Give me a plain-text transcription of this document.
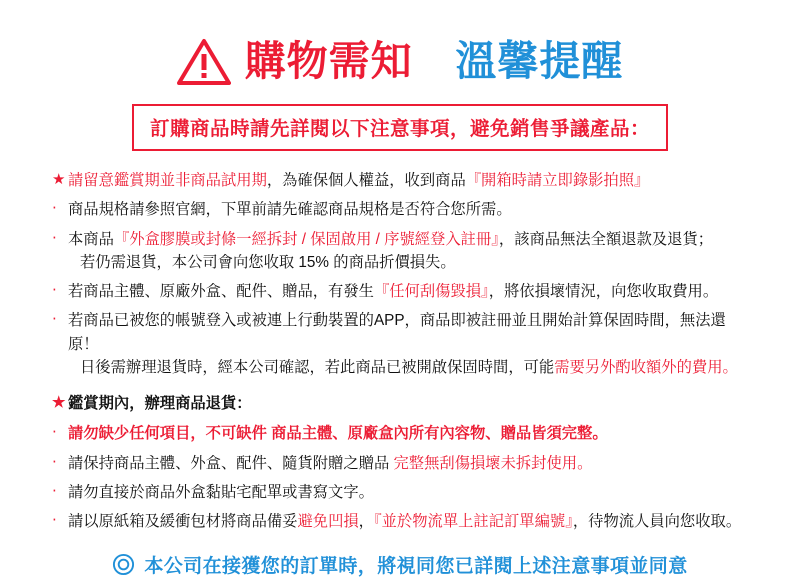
購物需知 溫馨提醒
訂購商品時請先詳閱以下注意事項，避免銷售爭議產品：
★ 請留意鑑賞期並非商品試用期，為確保個人權益，收到商品『開箱時請立即錄影拍照』
‧ 商品規格請參照官網，下單前請先確認商品規格是否符合您所需。
‧ 本商品『外盒膠膜或封條一經拆封 / 保固啟用 / 序號經登入註冊』，該商品無法全額退款及退貨；
若仍需退貨，本公司會向您收取 15% 的商品折價損失。
‧ 若商品主體、原廠外盒、配件、贈品，有發生『任何刮傷毀損』，將依損壞情況，向您收取費用。
‧ 若商品已被您的帳號登入或被連上行動裝置的APP，商品即被註冊並且開始計算保固時間，無法還原！
日後需辦理退貨時，經本公司確認，若此商品已被開啟保固時間，可能需要另外酌收額外的費用。
★ 鑑賞期內，辦理商品退貨：
‧ 請勿缺少任何項目，不可缺件 商品主體、原廠盒內所有內容物、贈品皆須完整。
‧ 請保持商品主體、外盒、配件、隨貨附贈之贈品 完整無刮傷損壞未拆封使用。
‧ 請勿直接於商品外盒黏貼宅配單或書寫文字。
‧ 請以原紙箱及緩衝包材將商品備妥避免凹損，『並於物流單上註記訂單編號』，待物流人員向您收取。
本公司在接獲您的訂單時，將視同您已詳閱上述注意事項並同意
